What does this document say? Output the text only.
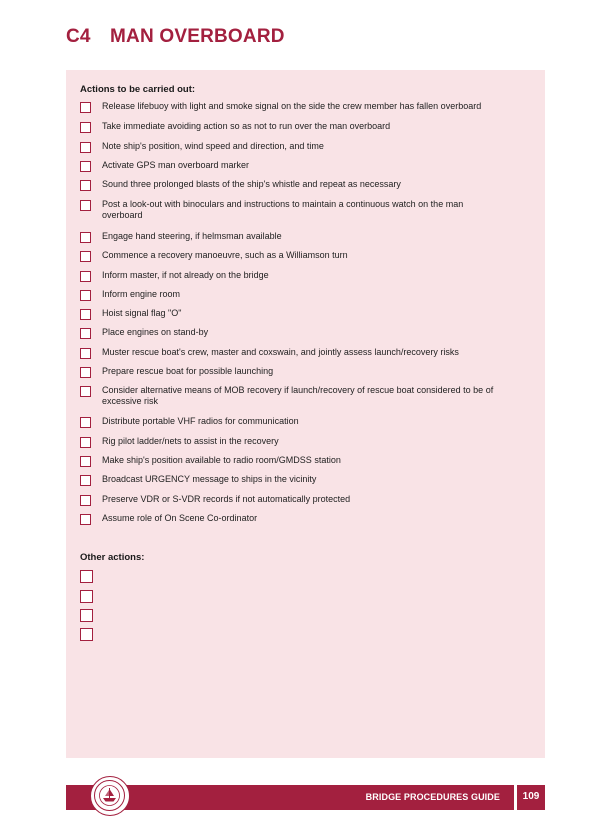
C4 MAN OVERBOARD
Actions to be carried out:
Release lifebuoy with light and smoke signal on the side the crew member has fallen overboard
Take immediate avoiding action so as not to run over the man overboard
Note ship's position, wind speed and direction, and time
Activate GPS man overboard marker
Sound three prolonged blasts of the ship's whistle and repeat as necessary
Post a look-out with binoculars and instructions to maintain a continuous watch on the man overboard
Engage hand steering, if helmsman available
Commence a recovery manoeuvre, such as a Williamson turn
Inform master, if not already on the bridge
Inform engine room
Hoist signal flag "O"
Place engines on stand-by
Muster rescue boat's crew, master and coxswain, and jointly assess launch/recovery risks
Prepare rescue boat for possible launching
Consider alternative means of MOB recovery if launch/recovery of rescue boat considered to be of excessive risk
Distribute portable VHF radios for communication
Rig pilot ladder/nets to assist in the recovery
Make ship's position available to radio room/GMDSS station
Broadcast URGENCY message to ships in the vicinity
Preserve VDR or S-VDR records if not automatically protected
Assume role of On Scene Co-ordinator
Other actions:
BRIDGE PROCEDURES GUIDE	109
